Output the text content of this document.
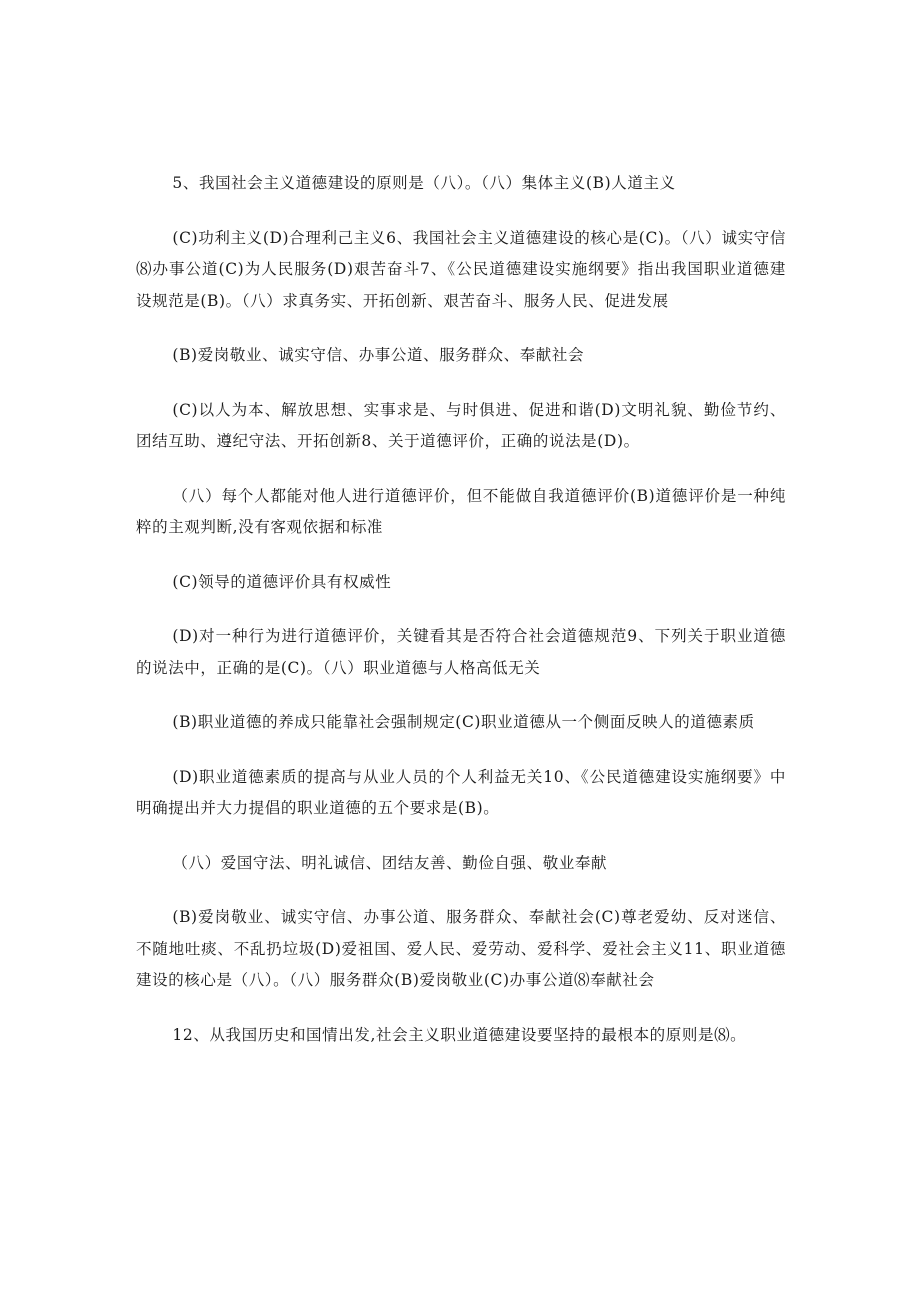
5、我国社会主义道德建设的原则是（八）。（八）集体主义(B)人道主义

(C)功利主义(D)合理利己主义6、我国社会主义道德建设的核心是(C)。（八）诚实守信⑻办事公道(C)为人民服务(D)艰苦奋斗7、《公民道德建设实施纲要》指出我国职业道德建设规范是(B)。（八）求真务实、开拓创新、艰苦奋斗、服务人民、促进发展

(B)爱岗敬业、诚实守信、办事公道、服务群众、奉献社会

(C)以人为本、解放思想、实事求是、与时俱进、促进和谐(D)文明礼貌、勤俭节约、团结互助、遵纪守法、开拓创新8、关于道德评价，正确的说法是(D)。

（八）每个人都能对他人进行道德评价，但不能做自我道德评价(B)道德评价是一种纯粹的主观判断,没有客观依据和标准

(C)领导的道德评价具有权威性

(D)对一种行为进行道德评价，关键看其是否符合社会道德规范9、下列关于职业道德的说法中，正确的是(C)。（八）职业道德与人格高低无关

(B)职业道德的养成只能靠社会强制规定(C)职业道德从一个侧面反映人的道德素质

(D)职业道德素质的提高与从业人员的个人利益无关10、《公民道德建设实施纲要》中明确提出并大力提倡的职业道德的五个要求是(B)。

（八）爱国守法、明礼诚信、团结友善、勤俭自强、敬业奉献

(B)爱岗敬业、诚实守信、办事公道、服务群众、奉献社会(C)尊老爱幼、反对迷信、不随地吐痰、不乱扔垃圾(D)爱祖国、爱人民、爱劳动、爱科学、爱社会主义11、职业道德建设的核心是（八）。（八）服务群众(B)爱岗敬业(C)办事公道⑻奉献社会

12、从我国历史和国情出发,社会主义职业道德建设要坚持的最根本的原则是⑻。
